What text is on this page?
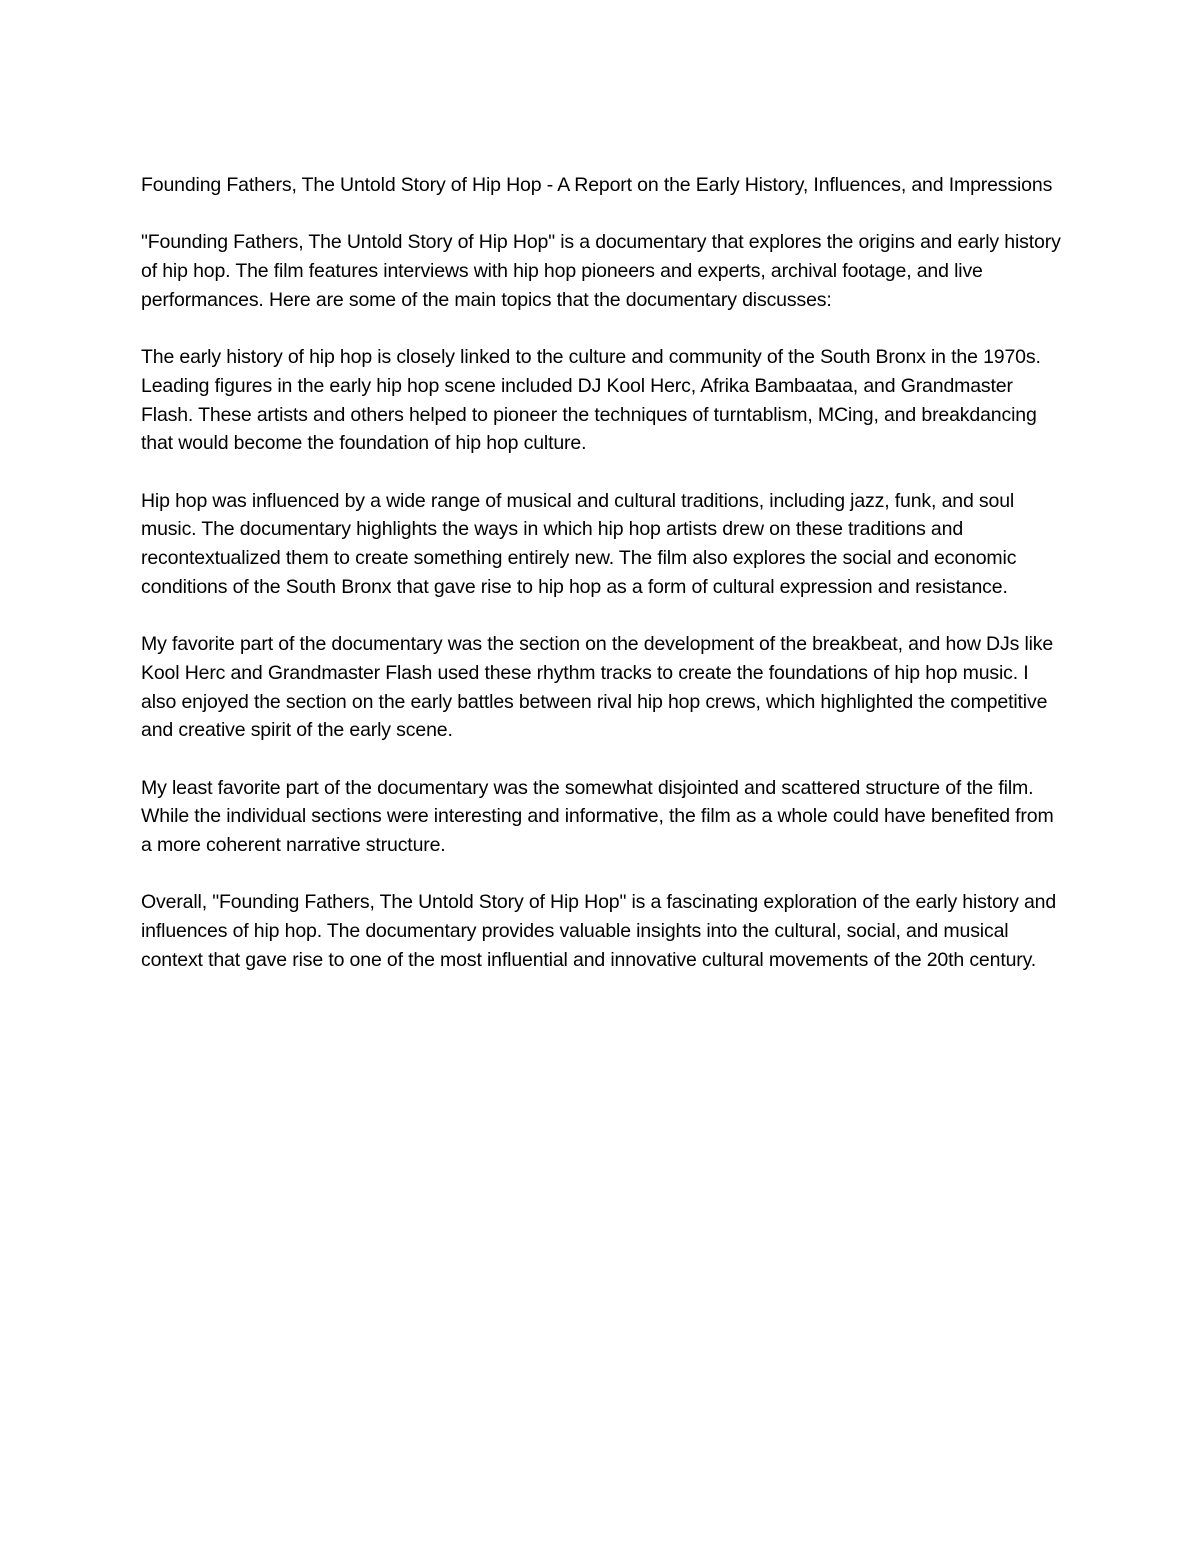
Founding Fathers, The Untold Story of Hip Hop - A Report on the Early History, Influences, and Impressions

"Founding Fathers, The Untold Story of Hip Hop" is a documentary that explores the origins and early history of hip hop. The film features interviews with hip hop pioneers and experts, archival footage, and live performances. Here are some of the main topics that the documentary discusses:

The early history of hip hop is closely linked to the culture and community of the South Bronx in the 1970s. Leading figures in the early hip hop scene included DJ Kool Herc, Afrika Bambaataa, and Grandmaster Flash. These artists and others helped to pioneer the techniques of turntablism, MCing, and breakdancing that would become the foundation of hip hop culture.

Hip hop was influenced by a wide range of musical and cultural traditions, including jazz, funk, and soul music. The documentary highlights the ways in which hip hop artists drew on these traditions and recontextualized them to create something entirely new. The film also explores the social and economic conditions of the South Bronx that gave rise to hip hop as a form of cultural expression and resistance.

My favorite part of the documentary was the section on the development of the breakbeat, and how DJs like Kool Herc and Grandmaster Flash used these rhythm tracks to create the foundations of hip hop music. I also enjoyed the section on the early battles between rival hip hop crews, which highlighted the competitive and creative spirit of the early scene.

My least favorite part of the documentary was the somewhat disjointed and scattered structure of the film. While the individual sections were interesting and informative, the film as a whole could have benefited from a more coherent narrative structure.

Overall, "Founding Fathers, The Untold Story of Hip Hop" is a fascinating exploration of the early history and influences of hip hop. The documentary provides valuable insights into the cultural, social, and musical context that gave rise to one of the most influential and innovative cultural movements of the 20th century.
